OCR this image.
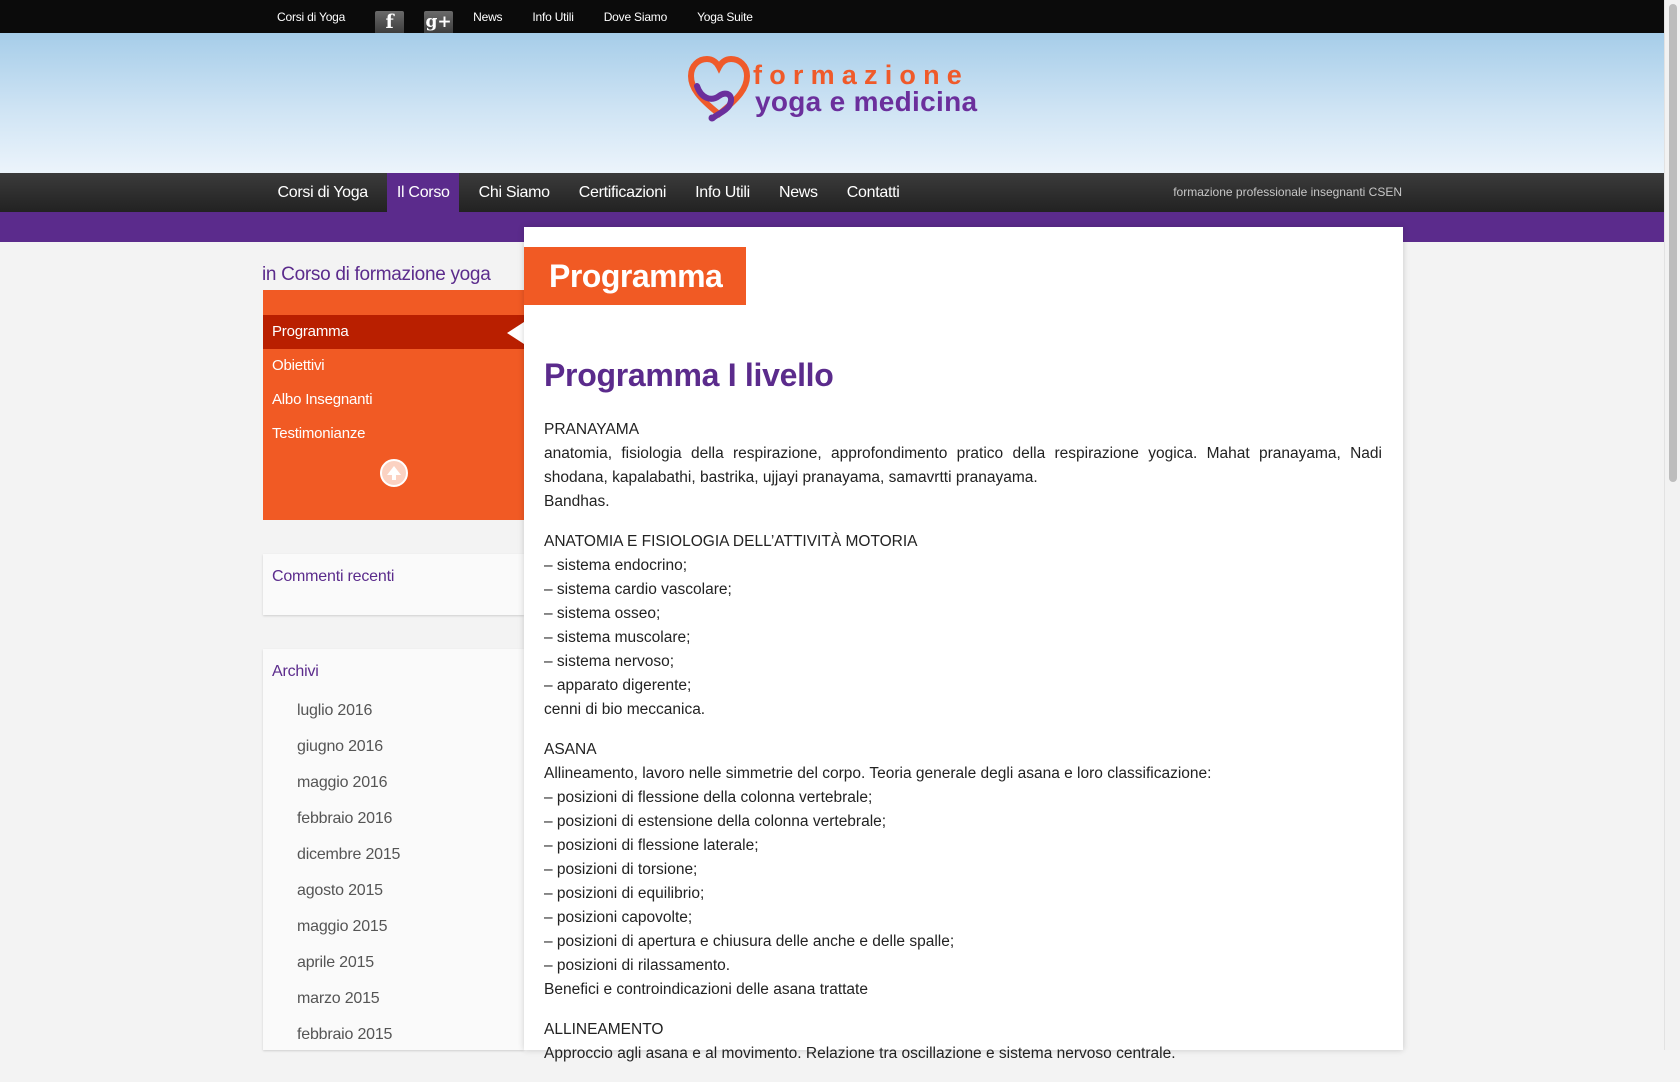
Corsi di Yoga	f	g+ News	Info Utili	Dove Siamo	Yoga Suite
formazione
yoga e medicina
Corsi di Yoga	Il Corso	Chi Siamo	Certificazioni	Info Utili	News	Contatti	formazione professionale insegnanti CSEN
in Corso di formazione yoga
Programma
Obiettivi
Albo Insegnanti
Testimonianze
Commenti recenti
Archivi
luglio 2016
giugno 2016
maggio 2016
febbraio 2016
dicembre 2015
agosto 2015
maggio 2015
aprile 2015
marzo 2015
febbraio 2015
Programma
Programma I livello

PRANAYAMA
anatomia, fisiologia della respirazione, approfondimento pratico della respirazione yogica. Mahat pranayama, Nadi shodana, kapalabathi, bastrika, ujjayi pranayama, samavrtti pranayama.
Bandhas.

ANATOMIA E FISIOLOGIA DELL’ATTIVITÀ MOTORIA
– sistema endocrino;
– sistema cardio vascolare;
– sistema osseo;
– sistema muscolare;
– sistema nervoso;
– apparato digerente;
cenni di bio meccanica.

ASANA
Allineamento, lavoro nelle simmetrie del corpo. Teoria generale degli asana e loro classificazione:
– posizioni di flessione della colonna vertebrale;
– posizioni di estensione della colonna vertebrale;
– posizioni di flessione laterale;
– posizioni di torsione;
– posizioni di equilibrio;
– posizioni capovolte;
– posizioni di apertura e chiusura delle anche e delle spalle;
– posizioni di rilassamento.
Benefici e controindicazioni delle asana trattate

ALLINEAMENTO
Approccio agli asana e al movimento. Relazione tra oscillazione e sistema nervoso centrale.
